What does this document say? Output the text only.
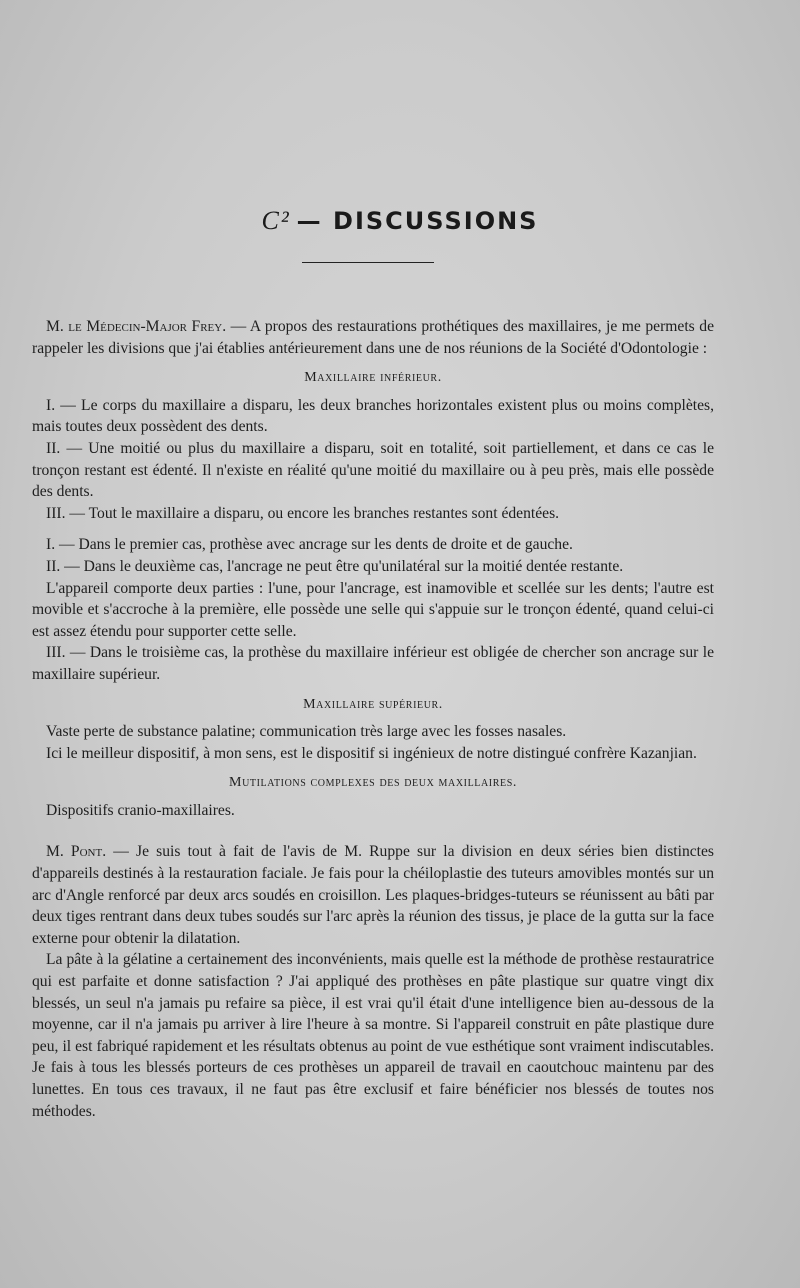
C² — DISCUSSIONS

M. le Médecin-Major Frey. — A propos des restaurations prothétiques des maxillaires, je me permets de rappeler les divisions que j'ai établies antérieurement dans une de nos réunions de la Société d'Odontologie :

Maxillaire inférieur.

I. — Le corps du maxillaire a disparu, les deux branches horizontales existent plus ou moins complètes, mais toutes deux possèdent des dents.

II. — Une moitié ou plus du maxillaire a disparu, soit en totalité, soit partiellement, et dans ce cas le tronçon restant est édenté. Il n'existe en réalité qu'une moitié du maxillaire ou à peu près, mais elle possède des dents.

III. — Tout le maxillaire a disparu, ou encore les branches restantes sont édentées.

I. — Dans le premier cas, prothèse avec ancrage sur les dents de droite et de gauche.

II. — Dans le deuxième cas, l'ancrage ne peut être qu'unilatéral sur la moitié dentée restante.

L'appareil comporte deux parties : l'une, pour l'ancrage, est inamovible et scellée sur les dents; l'autre est movible et s'accroche à la première, elle possède une selle qui s'appuie sur le tronçon édenté, quand celui-ci est assez étendu pour supporter cette selle.

III. — Dans le troisième cas, la prothèse du maxillaire inférieur est obligée de chercher son ancrage sur le maxillaire supérieur.

Maxillaire supérieur.

Vaste perte de substance palatine; communication très large avec les fosses nasales.

Ici le meilleur dispositif, à mon sens, est le dispositif si ingénieux de notre distingué confrère Kazanjian.

Mutilations complexes des deux maxillaires.

Dispositifs cranio-maxillaires.

M. Pont. — Je suis tout à fait de l'avis de M. Ruppe sur la division en deux séries bien distinctes d'appareils destinés à la restauration faciale. Je fais pour la chéiloplastie des tuteurs amovibles montés sur un arc d'Angle renforcé par deux arcs soudés en croisillon. Les plaques-bridges-tuteurs se réunissent au bâti par deux tiges rentrant dans deux tubes soudés sur l'arc après la réunion des tissus, je place de la gutta sur la face externe pour obtenir la dilatation.

La pâte à la gélatine a certainement des inconvénients, mais quelle est la méthode de prothèse restauratrice qui est parfaite et donne satisfaction ? J'ai appliqué des prothèses en pâte plastique sur quatre vingt dix blessés, un seul n'a jamais pu refaire sa pièce, il est vrai qu'il était d'une intelligence bien au-dessous de la moyenne, car il n'a jamais pu arriver à lire l'heure à sa montre. Si l'appareil construit en pâte plastique dure peu, il est fabriqué rapidement et les résultats obtenus au point de vue esthétique sont vraiment indiscutables. Je fais à tous les blessés porteurs de ces prothèses un appareil de travail en caoutchouc maintenu par des lunettes. En tous ces travaux, il ne faut pas être exclusif et faire bénéficier nos blessés de toutes nos méthodes.
